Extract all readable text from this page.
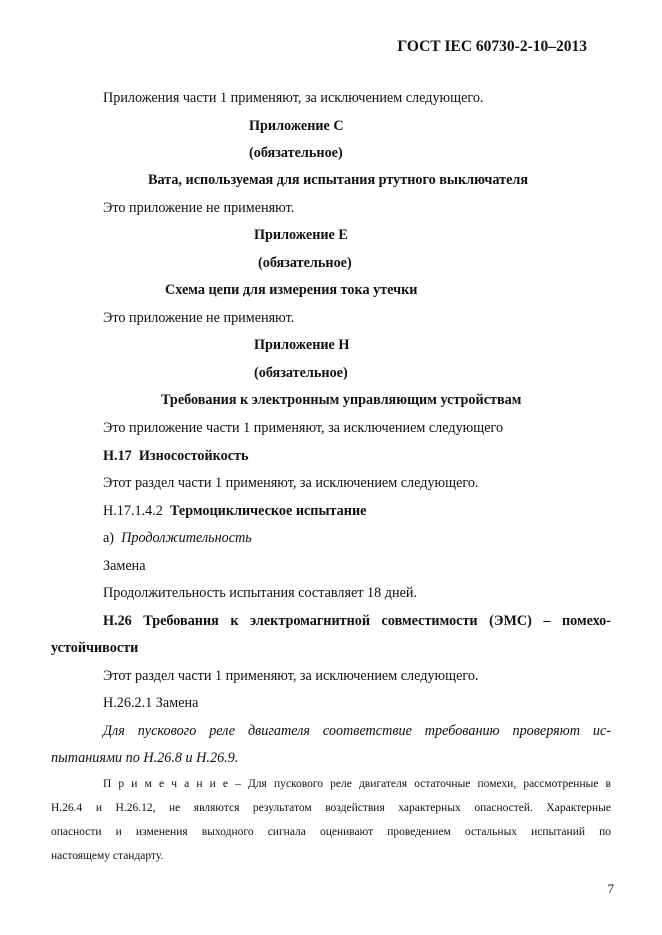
ГОСТ IEC 60730-2-10–2013
Приложения части 1 применяют, за исключением следующего.
Приложение С
(обязательное)
Вата, используемая для испытания ртутного выключателя
Это приложение не применяют.
Приложение Е
(обязательное)
Схема цепи для измерения тока утечки
Это приложение не применяют.
Приложение Н
(обязательное)
Требования к электронным управляющим устройствам
Это приложение части 1 применяют, за исключением следующего
Н.17 Износостойкость
Этот раздел части 1 применяют, за исключением следующего.
Н.17.1.4.2 Термоциклическое испытание
а) Продолжительность
Замена
Продолжительность испытания составляет 18 дней.
Н.26 Требования к электромагнитной совместимости (ЭМС) – помехо-
устойчивости
Этот раздел части 1 применяют, за исключением следующего.
Н.26.2.1 Замена
Для пускового реле двигателя соответствие требованию проверяют ис-
пытаниями по Н.26.8 и Н.26.9.
П р и м е ч а н и е – Для пускового реле двигателя остаточные помехи, рассмотренные в
Н.26.4 и Н.26.12, не являются результатом воздействия характерных опасностей. Характерные
опасности и изменения выходного сигнала оценивают проведением остальных испытаний по
настоящему стандарту.
7
